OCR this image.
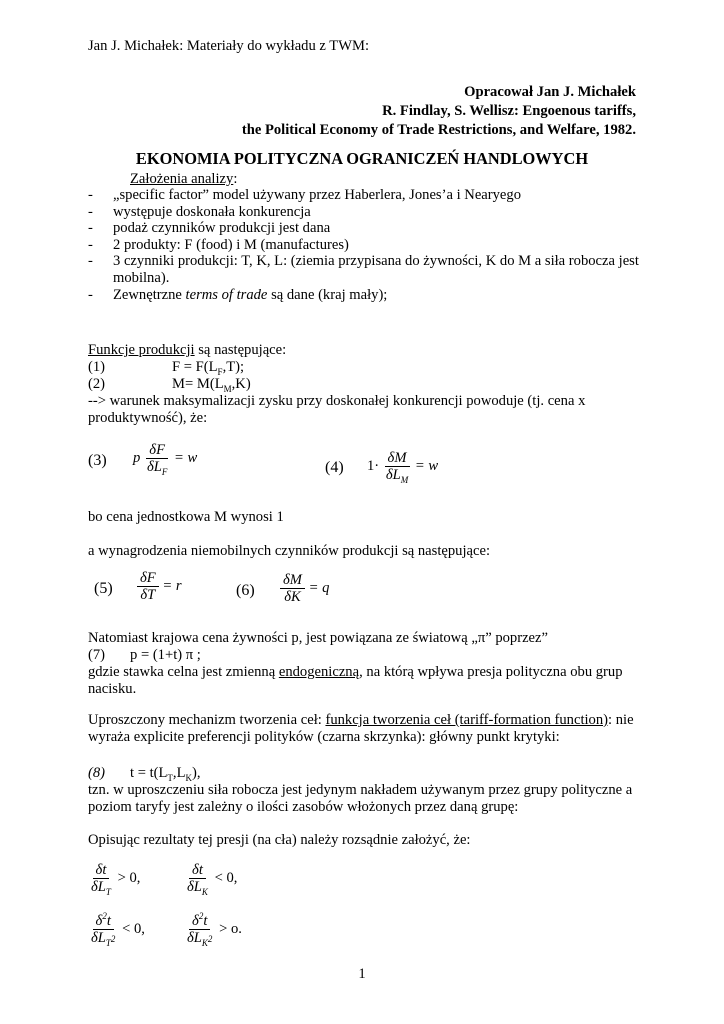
Jan J. Michałek: Materiały do wykładu z TWM:
Opracował Jan J. Michałek
R. Findlay, S. Wellisz: Engoenous tariffs,
the Political Economy of Trade Restrictions, and Welfare, 1982.
EKONOMIA POLITYCZNA OGRANICZEŃ HANDLOWYCH
Założenia analizy:
- „specific factor” model używany przez Haberlera, Jones’a i Nearyego
- występuje doskonała konkurencja
- podaż czynników produkcji jest dana
- 2 produkty: F (food) i M (manufactures)
- 3 czynniki produkcji: T, K, L: (ziemia przypisana do żywności, K do M a siła robocza jest mobilna).
- Zewnętrzne terms of trade są dane (kraj mały);
Funkcje produkcji są następujące:
(1)	$F = F(L_F,T)$;
(2)	$M= M(L_M,K)$
--> warunek maksymalizacji zysku przy doskonałej konkurencji powoduje (tj. cena x produktywność), że:
(3) p $\frac{\delta F}{\delta L_F} = w$
(4) $1\cdot \frac{\delta M}{\delta L_M} = w$
bo cena jednostkowa M wynosi 1
a wynagrodzenia niemobilnych czynników produkcji są następujące:
$(5) \frac{\delta F}{\delta T} = r$	$(6) \frac{\delta M}{\delta K} = q$
Natomiast krajowa cena żywności p, jest powiązana ze światową „π” poprzez”
(7) p = (1+t) π ;
gdzie stawka celna jest zmienną endogeniczną, na którą wpływa presja polityczna obu grup nacisku.
Uproszczony mechanizm tworzenia ceł: funkcja tworzenia ceł (tariff-formation function): nie wyraża explicite preferencji polityków (czarna skrzynka): główny punkt krytyki:
(8) $t = t(L_T,L_K)$,
tzn. w uproszczeniu siła robocza jest jedynym nakładem używanym przez grupy polityczne a poziom taryfy jest zależny o ilości zasobów włożonych przez daną grupę:
Opisując rezultaty tej presji (na cła) należy rozsądnie założyć, że:
$\frac{\delta t}{\delta L_T} > 0$,	$\frac{\delta t}{\delta L_K} < 0$,
$\frac{\delta^2t}{\delta L_{T^2}} < 0$,	$\frac{\delta^2t}{\delta L_{K^2}} > o$.
1
